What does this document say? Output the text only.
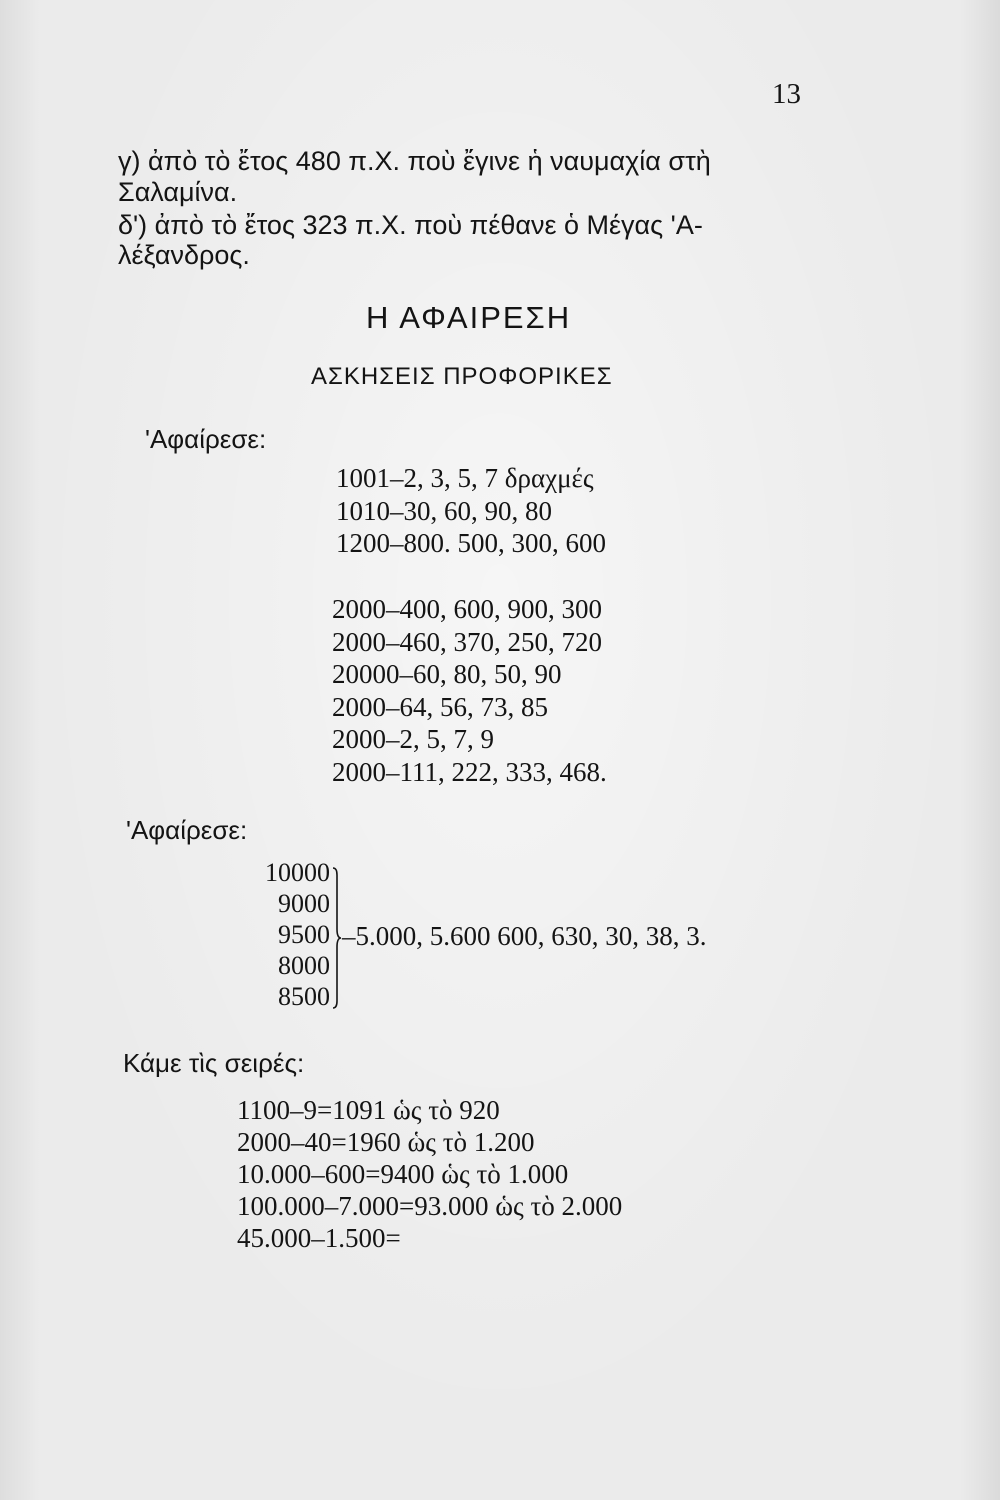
13

γ) ἀπὸ τὸ ἔτος 480 π.Χ. ποὺ ἔγινε ἡ ναυμαχία στὴ

Σαλαμίνα.

δ') ἀπὸ τὸ ἔτος 323 π.Χ. ποὺ πέθανε ὁ Μέγας 'Α-

λέξανδρος.

Η ΑΦΑΙΡΕΣΗ
ΑΣΚΗΣΕΙΣ ΠΡΟΦΟΡΙΚΕΣ

'Αφαίρεσε:

1001–2, 3, 5, 7 δραχμές
1010–30, 60, 90, 80
1200–800. 500, 300, 600
2000–400, 600, 900, 300
2000–460, 370, 250, 720
20000–60, 80, 50, 90
2000–64, 56, 73, 85
2000–2, 5, 7, 9
2000–111, 222, 333, 468.

'Αφαίρεσε:

10000
9000
9500
8000
8500
–5.000, 5.600 600, 630, 30, 38, 3.

Κάμε τὶς σειρές:

1100–9=1091 ὡς τὸ 920
2000–40=1960 ὡς τὸ 1.200
10.000–600=9400 ὡς τὸ 1.000
100.000–7.000=93.000 ὡς τὸ 2.000
45.000–1.500=
